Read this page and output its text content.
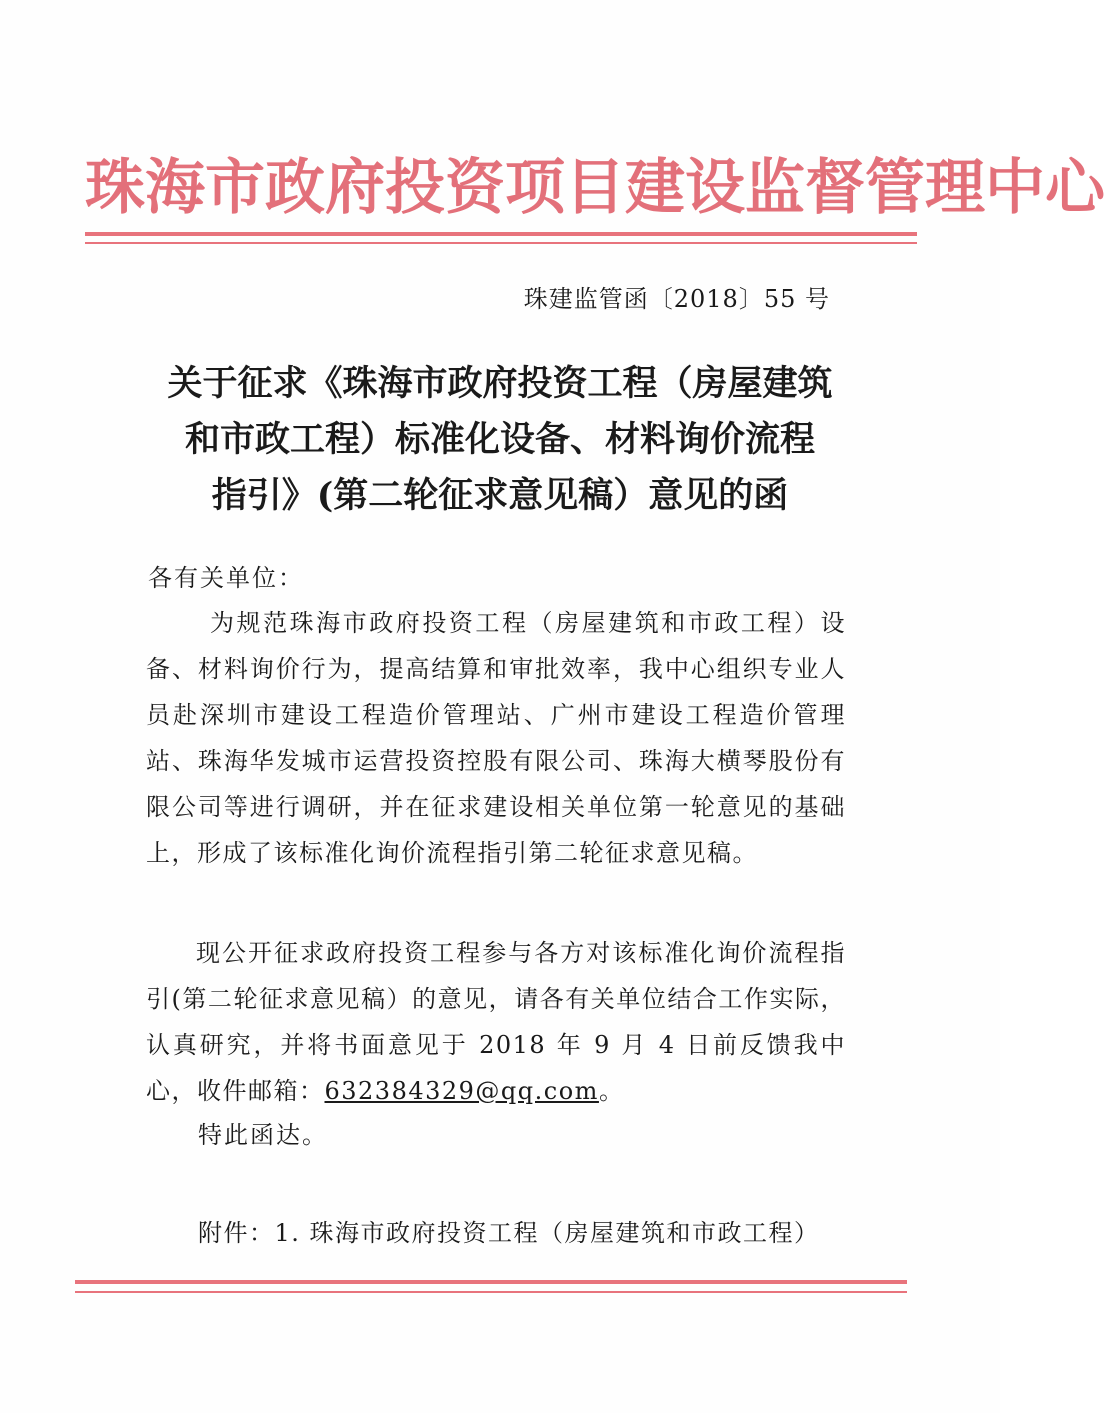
珠海市政府投资项目建设监督管理中心
珠建监管函〔2018〕55 号
关于征求《珠海市政府投资工程（房屋建筑
和市政工程）标准化设备、材料询价流程
指引》(第二轮征求意见稿）意见的函
各有关单位：
为规范珠海市政府投资工程（房屋建筑和市政工程）设备、材料询价行为，提高结算和审批效率，我中心组织专业人员赴深圳市建设工程造价管理站、广州市建设工程造价管理站、珠海华发城市运营投资控股有限公司、珠海大横琴股份有限公司等进行调研，并在征求建设相关单位第一轮意见的基础上，形成了该标准化询价流程指引第二轮征求意见稿。
现公开征求政府投资工程参与各方对该标准化询价流程指引(第二轮征求意见稿）的意见，请各有关单位结合工作实际，认真研究，并将书面意见于 2018 年 9 月 4 日前反馈我中心，收件邮箱：632384329@qq.com。
特此函达。
附件：1. 珠海市政府投资工程（房屋建筑和市政工程）
